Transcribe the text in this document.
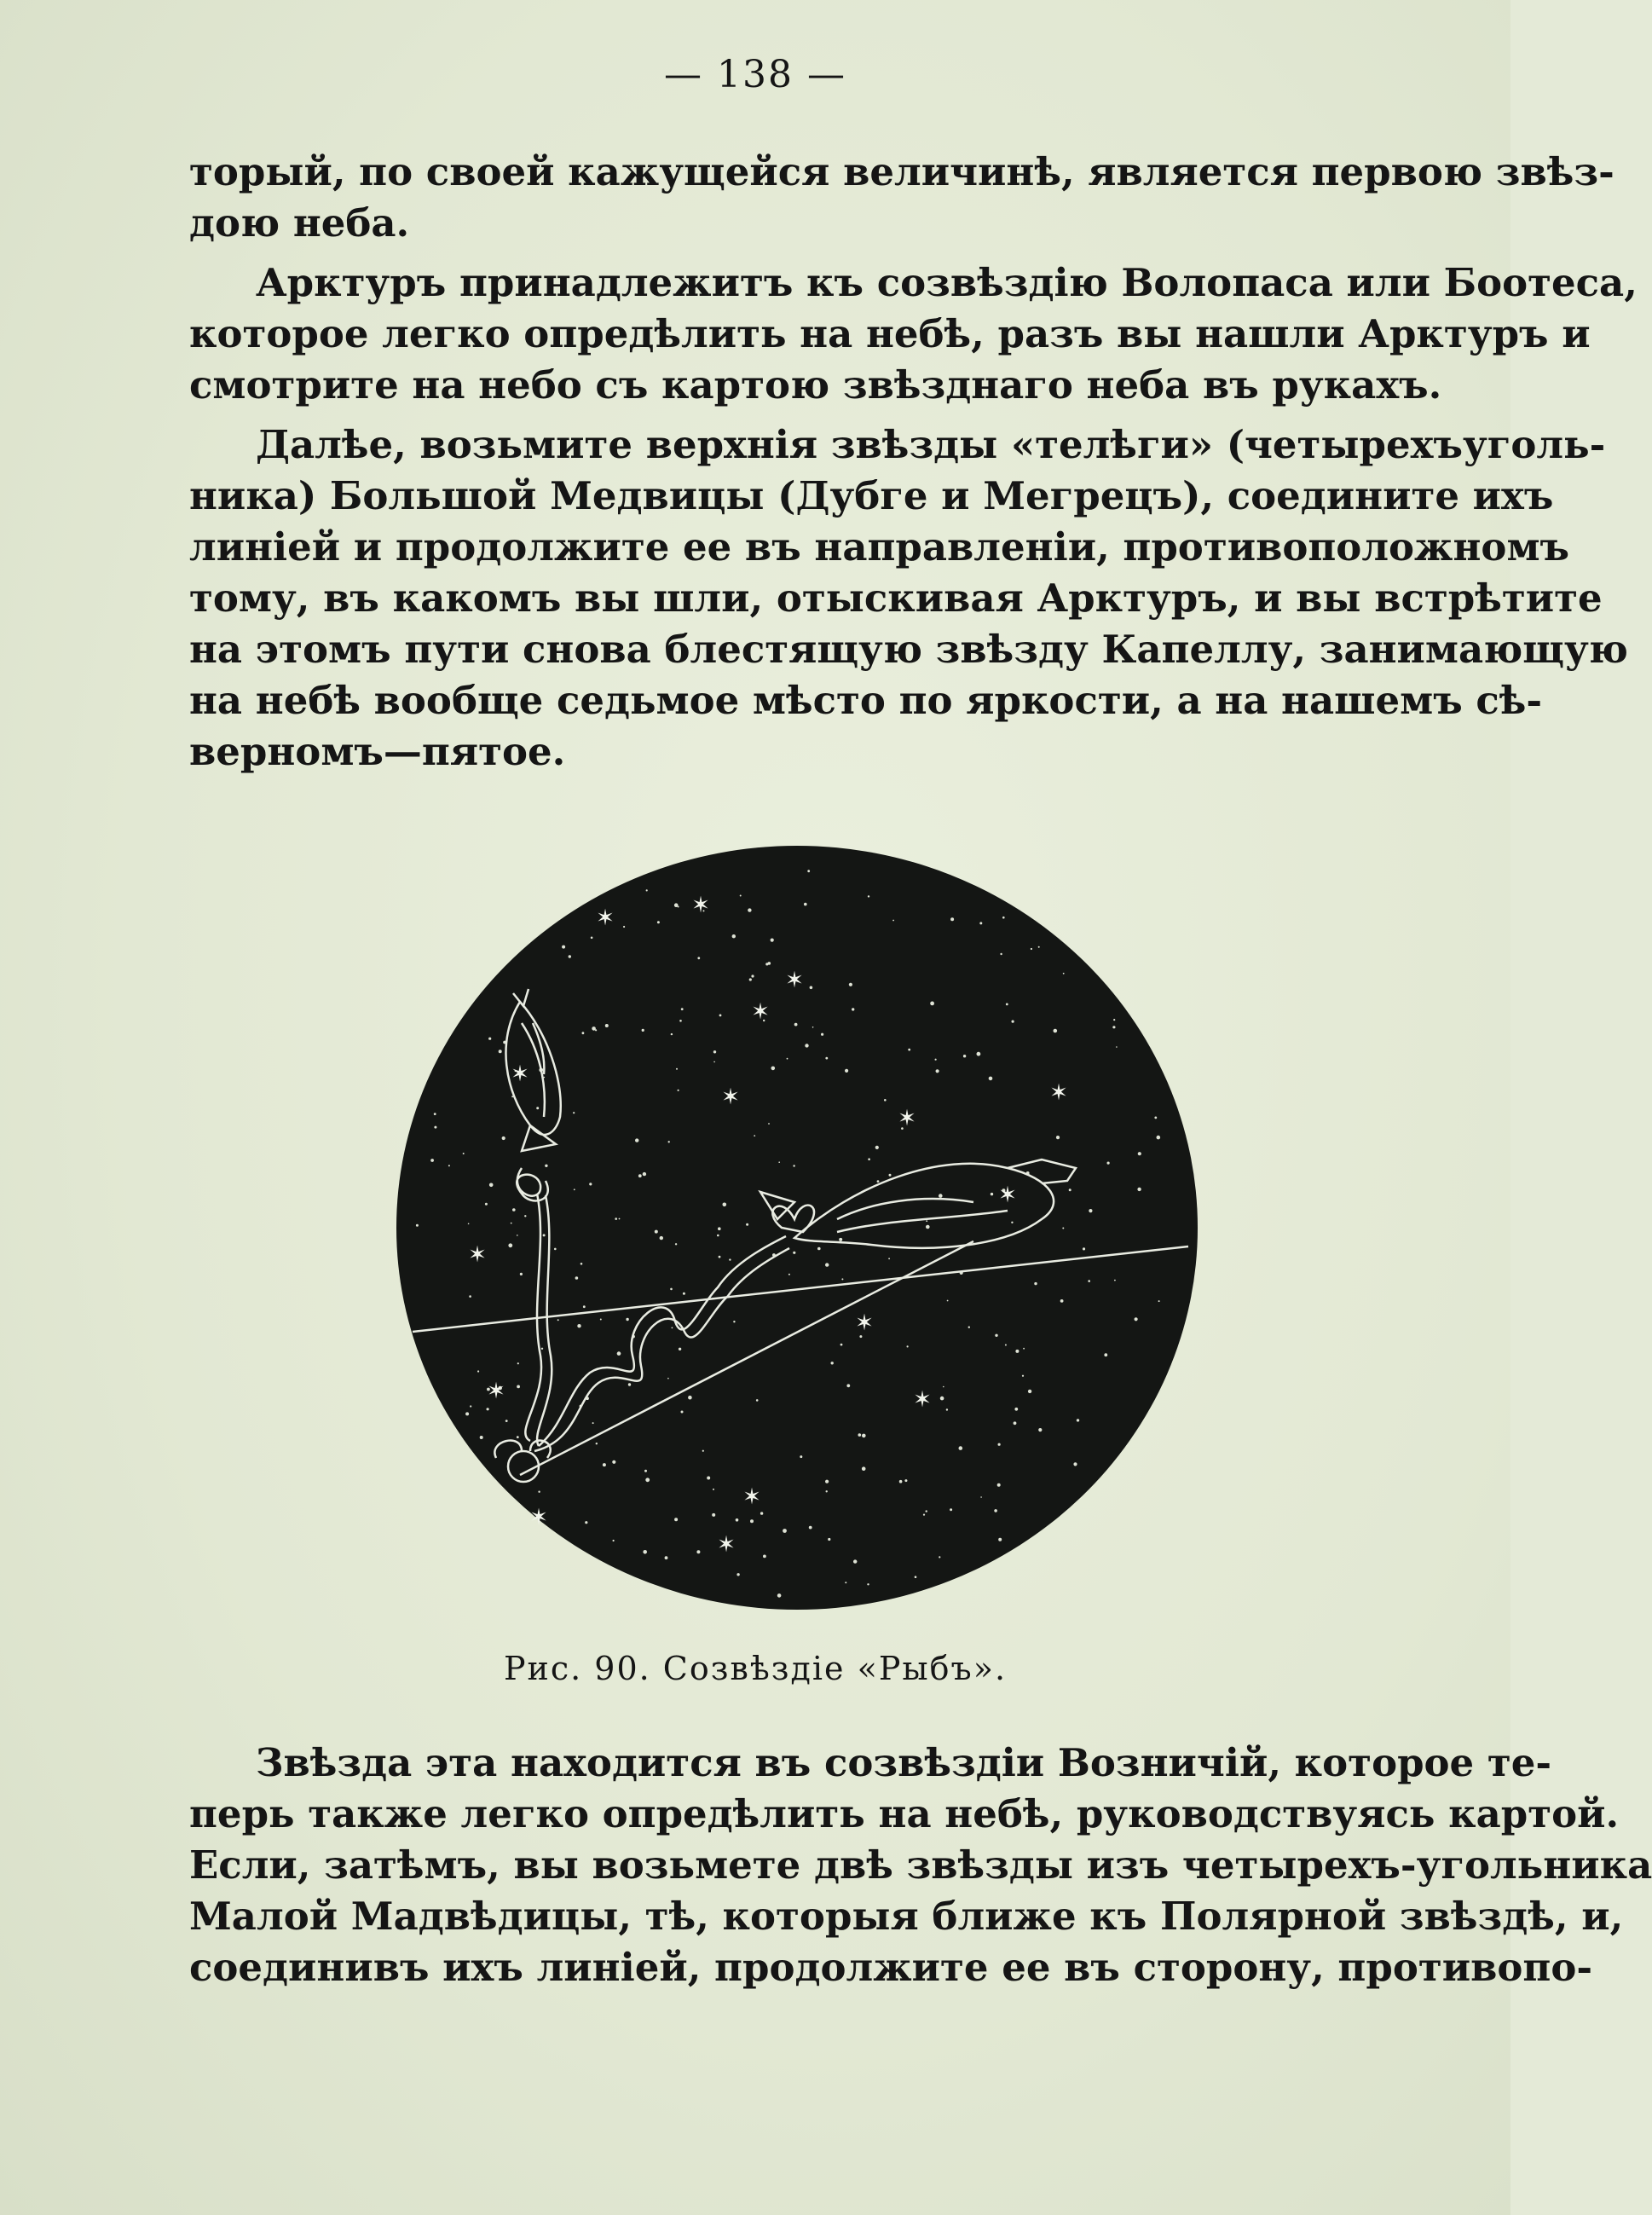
— 138 —
торый, по своей кажущейся величинѣ, является первою звѣз-
дою неба.
Арктуръ принадлежитъ къ созвѣздію Волопаса или Боотеса,
которое легко опредѣлить на небѣ, разъ вы нашли Арктуръ и
смотрите на небо съ картою звѣзднаго неба въ рукахъ.
Далѣе, возьмите верхнія звѣзды «телѣги» (четырехъуголь-
ника) Большой Медвицы (Дубге и Мегрецъ), соедините ихъ
линіей и продолжите ее въ направленіи, противоположномъ
тому, въ какомъ вы шли, отыскивая Арктуръ, и вы встрѣтите
на этомъ пути снова блестящую звѣзду Капеллу, занимающую
на небѣ вообще седьмое мѣсто по яркости, а на нашемъ сѣ-
верномъ—пятое.
✶
✶
✶
✶
✶
✶
✶
✶
✶
✶
✶
✶
✶	✶
✶
✶
Рис. 90. Созвѣздіе «Рыбъ».
Звѣзда эта находится въ созвѣздіи Возничій, которое те-
перь также легко опредѣлить на небѣ, руководствуясь картой.
Если, затѣмъ, вы возьмете двѣ звѣзды изъ четырехъ-угольника
Малой Мадвѣдицы, тѣ, которыя ближе къ Полярной звѣздѣ, и,
соединивъ ихъ линіей, продолжите ее въ сторону, противопо-
